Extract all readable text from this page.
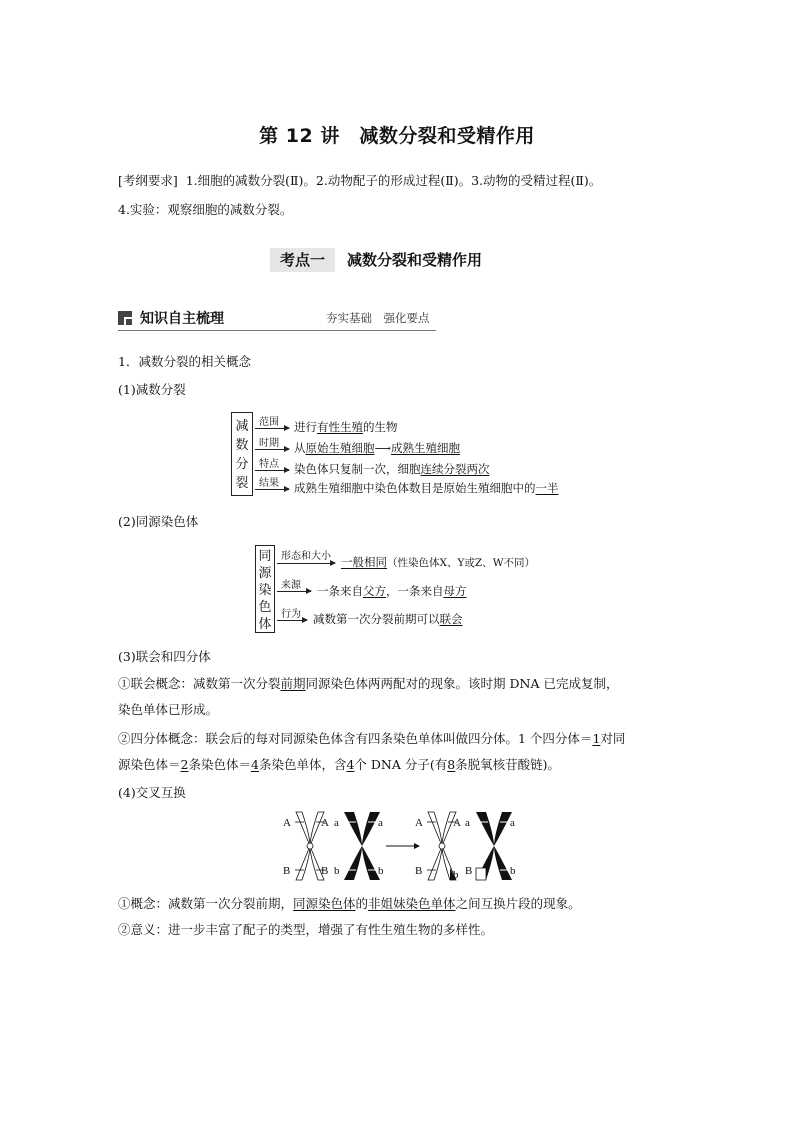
第 12 讲　减数分裂和受精作用
[考纲要求] 1.细胞的减数分裂(Ⅱ)。2.动物配子的形成过程(Ⅱ)。3.动物的受精过程(Ⅱ)。
4.实验：观察细胞的减数分裂。
考点一 减数分裂和受精作用
知识自主梳理	夯实基础　强化要点
1．减数分裂的相关概念
(1)减数分裂
减
数
分
裂
范围 进行有性生殖的生物
时期 从原始生殖细胞⟶成熟生殖细胞
特点 染色体只复制一次，细胞连续分裂两次
结果 成熟生殖细胞中染色体数目是原始生殖细胞中的一半
(2)同源染色体
同
源
染
色
体
形态和大小 一般相同（性染色体X、Y或Z、W不同）
来源 一条来自父方，一条来自母方
行为 减数第一次分裂前期可以联会
(3)联会和四分体
①联会概念：减数第一次分裂前期同源染色体两两配对的现象。该时期 DNA 已完成复制，
染色单体已形成。
②四分体概念：联会后的每对同源染色体含有四条染色单体叫做四分体。1 个四分体＝1对同
源染色体＝2条染色体＝4条染色单体，含4个 DNA 分子(有8条脱氧核苷酸链)。
(4)交叉互换
A	A a	a
B	B b	b
A	A a	a
B	b B	b
①概念：减数第一次分裂前期，同源染色体的非姐妹染色单体之间互换片段的现象。
②意义：进一步丰富了配子的类型，增强了有性生殖生物的多样性。
